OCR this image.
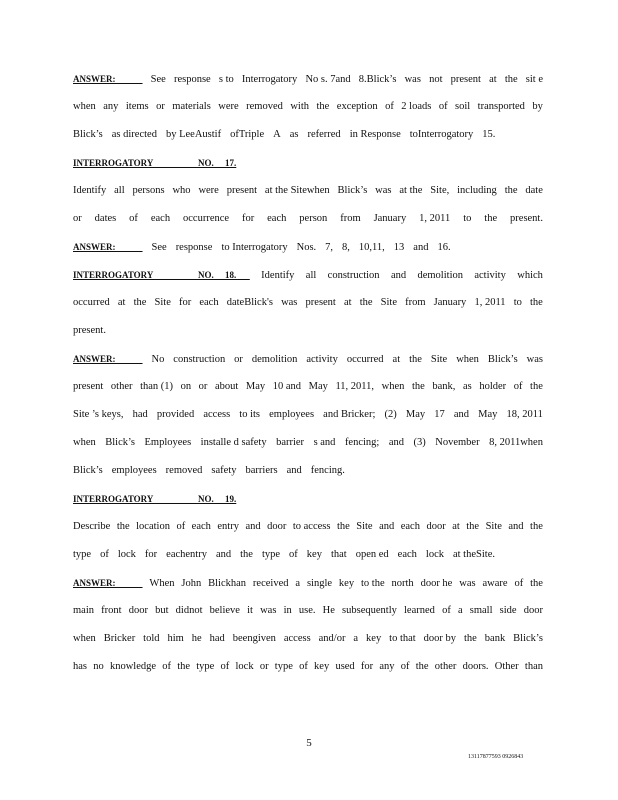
ANSWER: See response s to Interrogatory No s. 7and 8.Blick’s was not present at the sit e
when any items or materials were removed with the exception of 2 loads of soil transported by
Blick’s as directed by LeeAustif ofTriple A as referred in Response toInterrogatory 15.
INTERROGATORY                    NO.     17.
Identify all persons who were present at the Sitewhen Blick’s was at the Site, including the date
or dates of each occurrence for each person from January 1, 2011 to the present.
ANSWER: See response to Interrogatory Nos. 7, 8, 10,11, 13 and 16.
INTERROGATORY                    NO.     18. Identify all construction and demolition activity which
occurred at the Site for each dateBlick's was present at the Site from January 1, 2011 to the
present.
ANSWER: No construction or demolition activity occurred at the Site when Blick’s was
present other than (1) on or about May 10 and May 11, 2011, when the bank, as holder of the
Site ’s keys, had provided access to its employees and Bricker; (2) May 17 and May 18, 2011
when Blick’s Employees installe d safety barrier s and fencing; and (3) November 8, 2011when
Blick’s employees removed safety barriers and fencing.
INTERROGATORY                    NO.     19.
Describe the location of each entry and door to access the Site and each door at the Site and the
type of lock for eachentry and the type of key that open ed each lock at theSite.
ANSWER: When John Blickhan received a single key to the north door he was aware of the
main front door but didnot believe it was in use. He subsequently learned of a small side door
when Bricker told him he had beengiven access and/or a key to that door by the bank Blick’s
has no knowledge of the type of lock or type of key used for any of the other doors. Other than
5
13117877593 0926843
